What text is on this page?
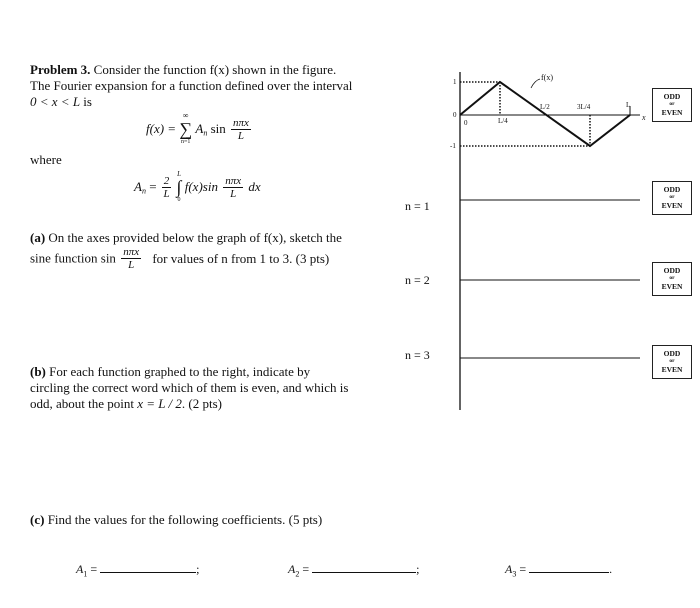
Problem 3. Consider the function f(x) shown in the figure.
The Fourier expansion for a function defined over the interval
0 < x < L is
f(x) =
∞
∑
n=1
$A_n$ $\sin \frac{\text{nπx}}{L}$
where
$A_n = \frac{2}{L}$

L
∫
0
$f(x)\sin \frac{\text{nπx}}{L}$ dx
(a) On the axes provided below the graph of f(x), sketch the
sine function $\sin \frac{\text{nπx}}{L}$ for values of n from 1 to 3. (3 pts)
(b) For each function graphed to the right, indicate by
circling the correct word which of them is even, and which is
odd, about the point x = L / 2. (2 pts)
(c) Find the values for the following coefficients. (5 pts)
$A_1$ =	;	$A_2$ =	;	$A_3$ =	.
n = 1
n = 2
n = 3
f(x)
1
0
-1
0	L/4
L/2	3L/4	L
x
ODD
or
EVEN
ODD
or
EVEN
ODD
or
EVEN
ODD
or
EVEN
